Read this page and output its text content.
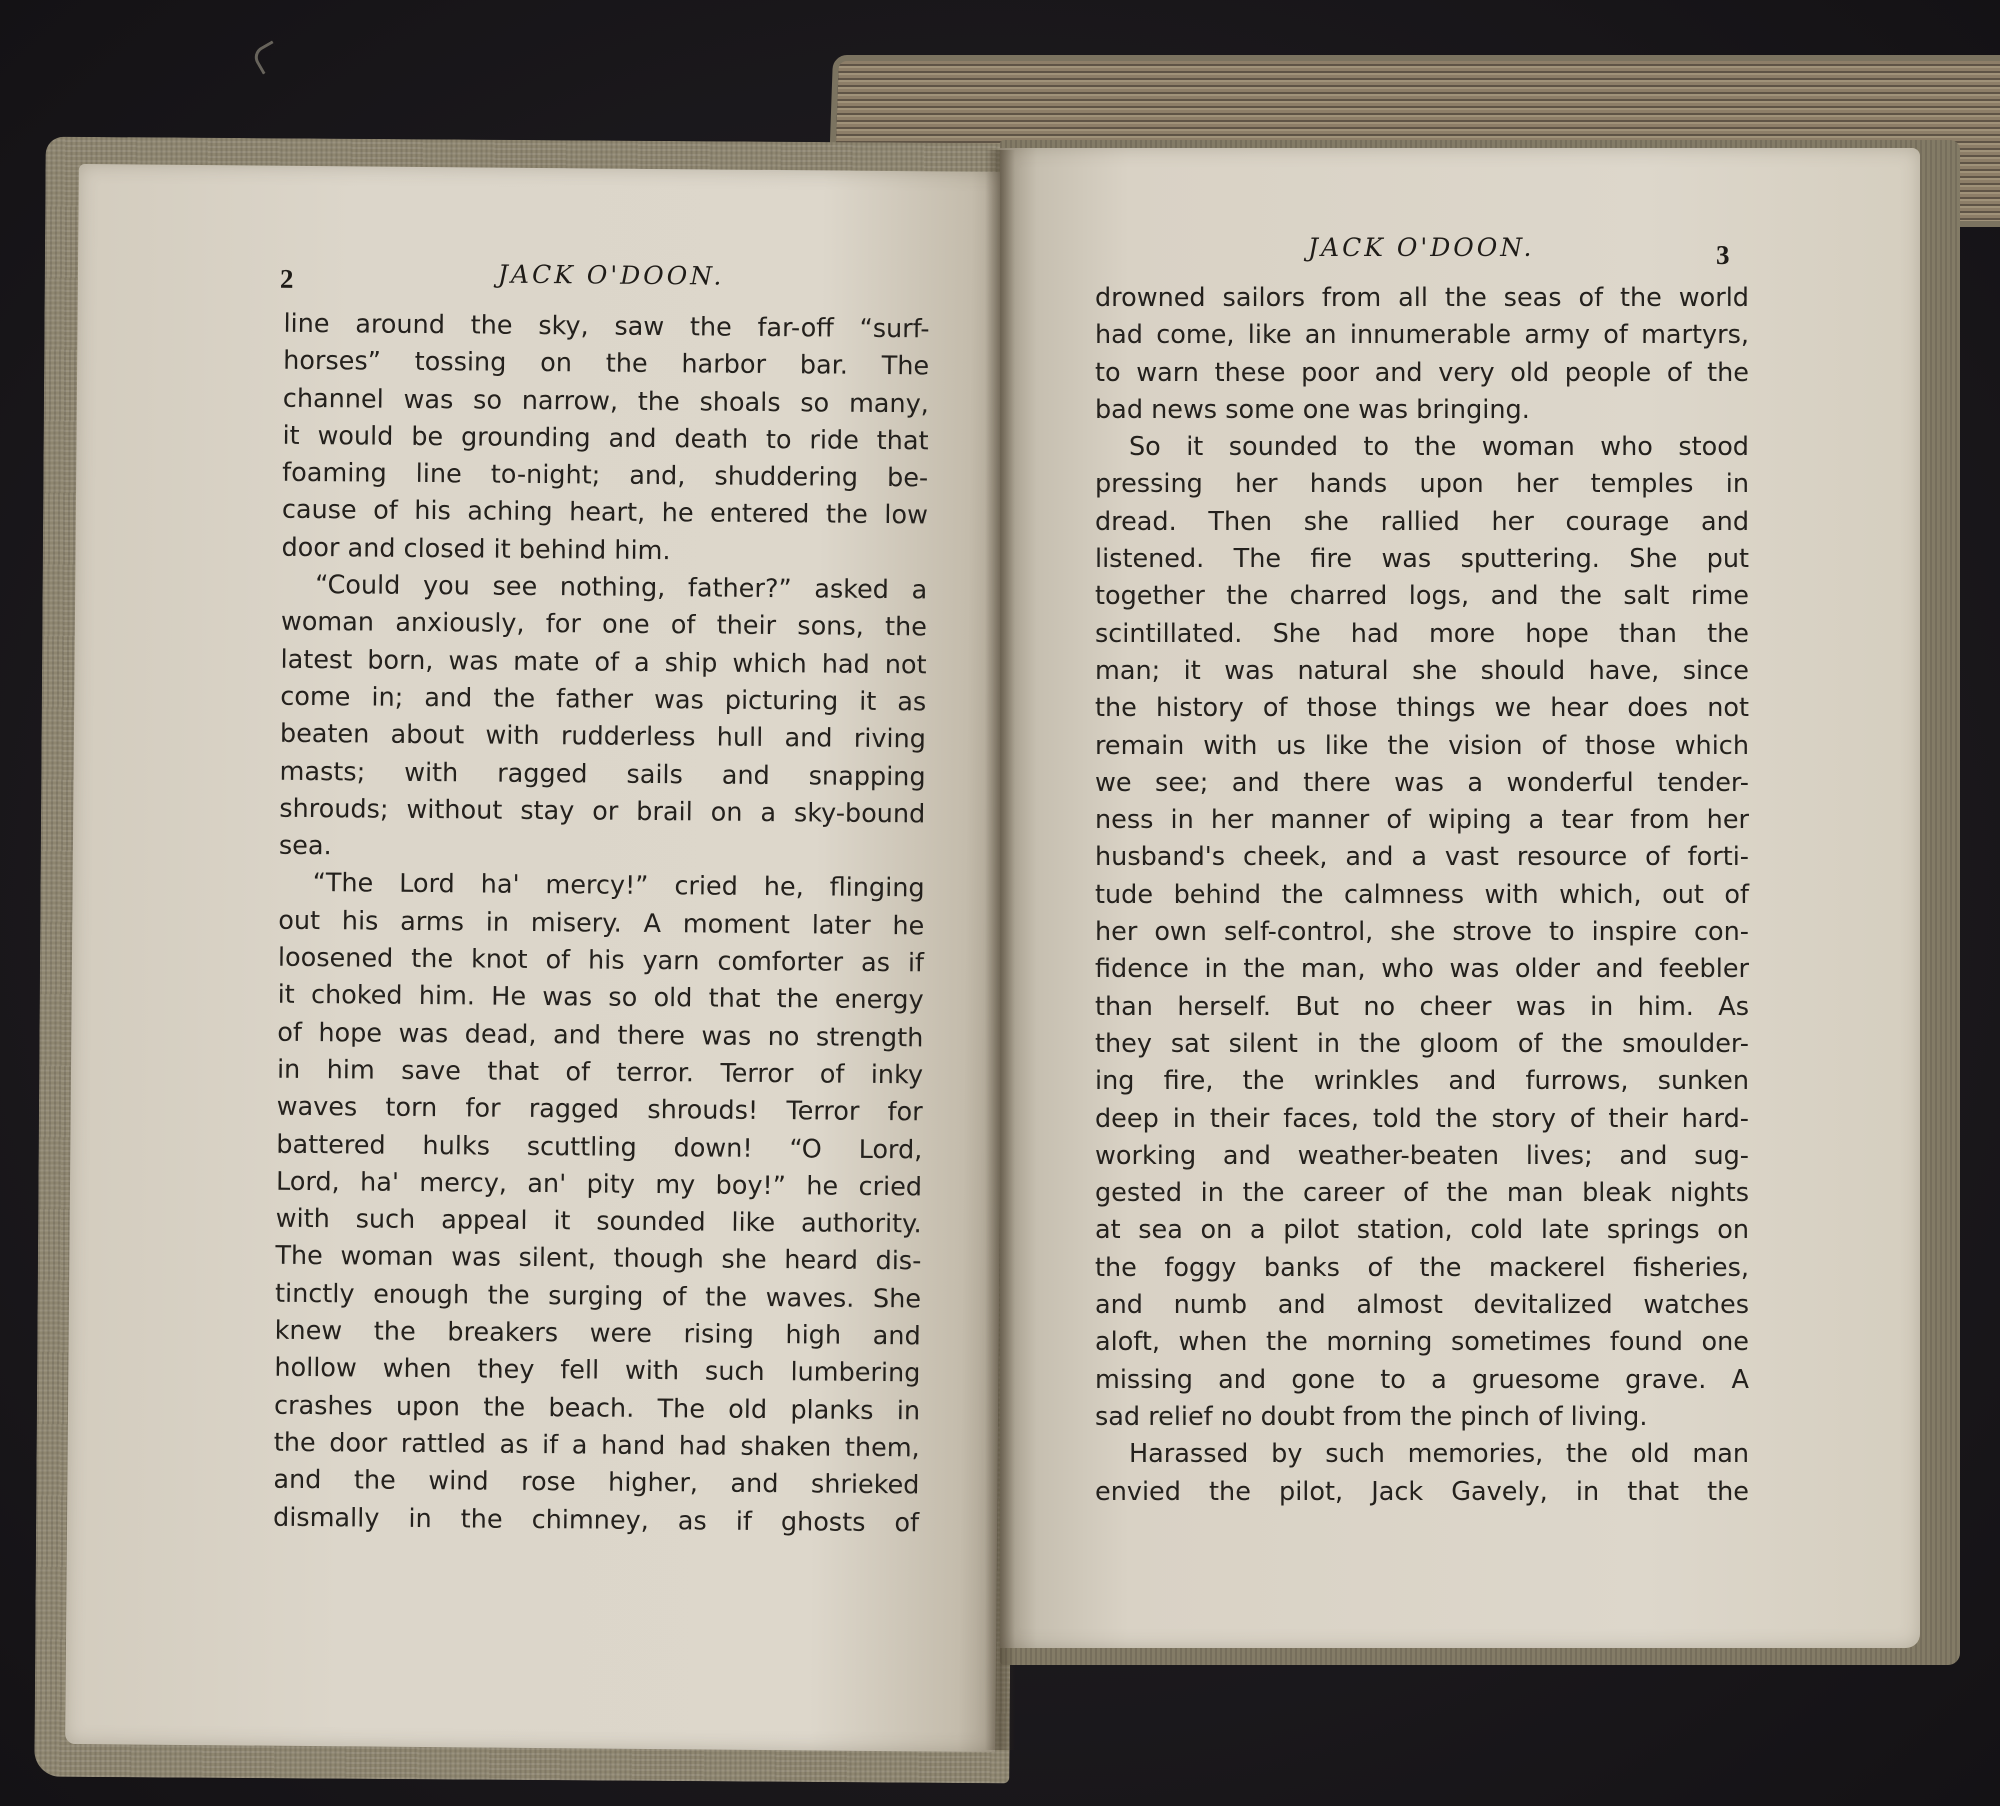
2	JACK O'DOON.
line around the sky, saw the far-off “surf-
horses” tossing on the harbor bar. The
channel was so narrow, the shoals so many,
it would be grounding and death to ride that
foaming line to-night; and, shuddering be-
cause of his aching heart, he entered the low
door and closed it behind him.
“Could you see nothing, father?” asked a
woman anxiously, for one of their sons, the
latest born, was mate of a ship which had not
come in; and the father was picturing it as
beaten about with rudderless hull and riving
masts; with ragged sails and snapping
shrouds; without stay or brail on a sky-bound
sea.
“The Lord ha' mercy!” cried he, flinging
out his arms in misery. A moment later he
loosened the knot of his yarn comforter as if
it choked him. He was so old that the energy
of hope was dead, and there was no strength
in him save that of terror. Terror of inky
waves torn for ragged shrouds! Terror for
battered hulks scuttling down! “O Lord,
Lord, ha' mercy, an' pity my boy!” he cried
with such appeal it sounded like authority.
The woman was silent, though she heard dis-
tinctly enough the surging of the waves. She
knew the breakers were rising high and
hollow when they fell with such lumbering
crashes upon the beach. The old planks in
the door rattled as if a hand had shaken them,
and the wind rose higher, and shrieked
dismally in the chimney, as if ghosts of
JACK O'DOON.	3
drowned sailors from all the seas of the world
had come, like an innumerable army of martyrs,
to warn these poor and very old people of the
bad news some one was bringing.
So it sounded to the woman who stood
pressing her hands upon her temples in
dread. Then she rallied her courage and
listened. The fire was sputtering. She put
together the charred logs, and the salt rime
scintillated. She had more hope than the
man; it was natural she should have, since
the history of those things we hear does not
remain with us like the vision of those which
we see; and there was a wonderful tender-
ness in her manner of wiping a tear from her
husband's cheek, and a vast resource of forti-
tude behind the calmness with which, out of
her own self-control, she strove to inspire con-
fidence in the man, who was older and feebler
than herself. But no cheer was in him. As
they sat silent in the gloom of the smoulder-
ing fire, the wrinkles and furrows, sunken
deep in their faces, told the story of their hard-
working and weather-beaten lives; and sug-
gested in the career of the man bleak nights
at sea on a pilot station, cold late springs on
the foggy banks of the mackerel fisheries,
and numb and almost devitalized watches
aloft, when the morning sometimes found one
missing and gone to a gruesome grave. A
sad relief no doubt from the pinch of living.
Harassed by such memories, the old man
envied the pilot, Jack Gavely, in that the
